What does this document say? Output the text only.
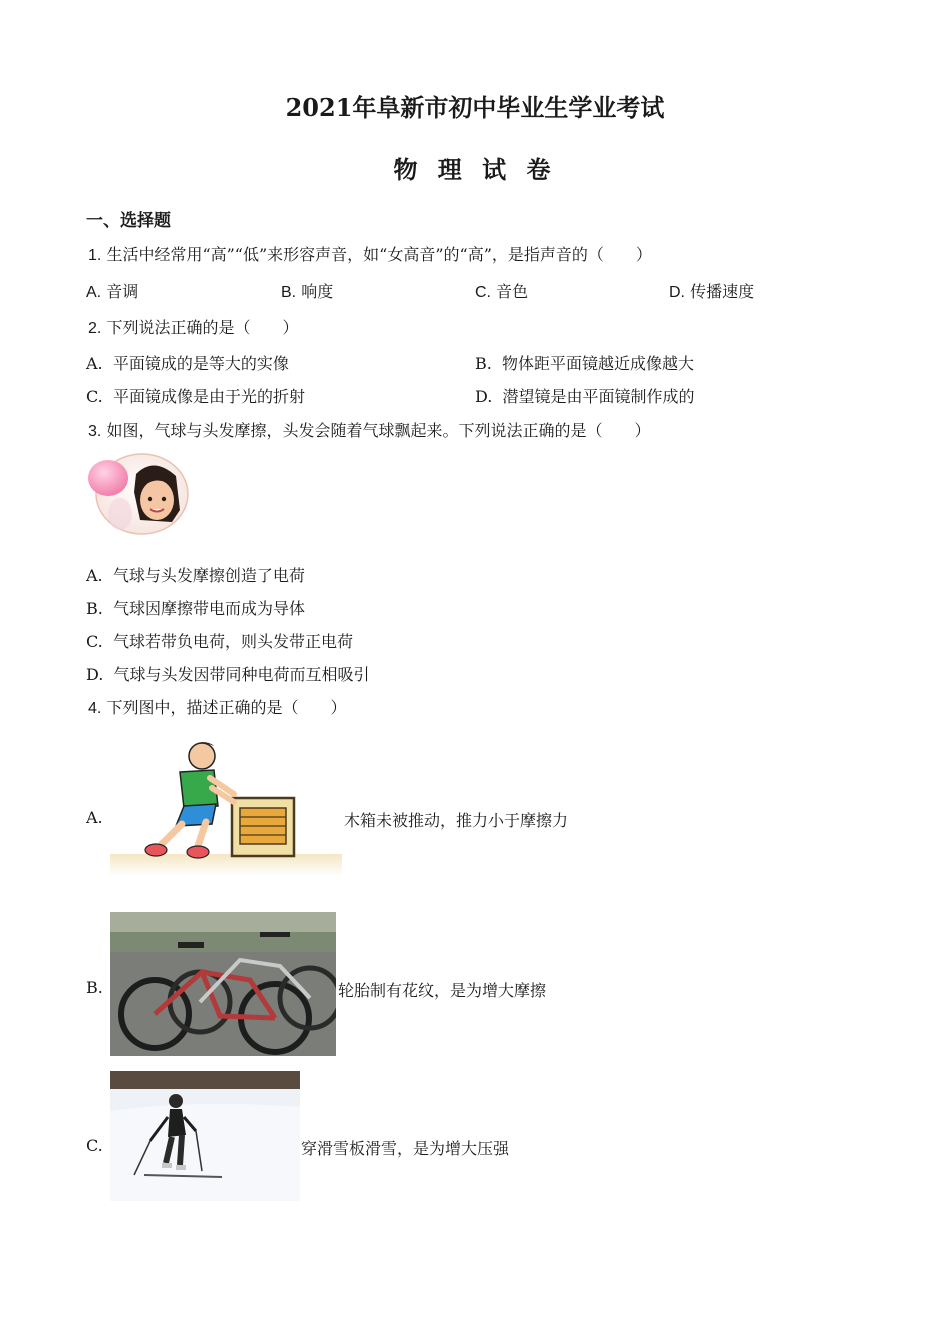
2021年阜新市初中毕业生学业考试
物 理 试 卷
一、选择题
1. 生活中经常用“高”“低”来形容声音，如“女高音”的“高”，是指声音的（　　）
A. 音调	B. 响度	C. 音色	D. 传播速度
2. 下列说法正确的是（　　）
A. 平面镜成的是等大的实像	B. 物体距平面镜越近成像越大
C. 平面镜成像是由于光的折射	D. 潜望镜是由平面镜制作成的
3. 如图，气球与头发摩擦，头发会随着气球飘起来。下列说法正确的是（　　）
A. 气球与头发摩擦创造了电荷
B. 气球因摩擦带电而成为导体
C. 气球若带负电荷，则头发带正电荷
D. 气球与头发因带同种电荷而互相吸引
4. 下列图中，描述正确的是（　　）
A.	木箱未被推动，推力小于摩擦力
B.	轮胎制有花纹，是为增大摩擦
C.	穿滑雪板滑雪，是为增大压强
